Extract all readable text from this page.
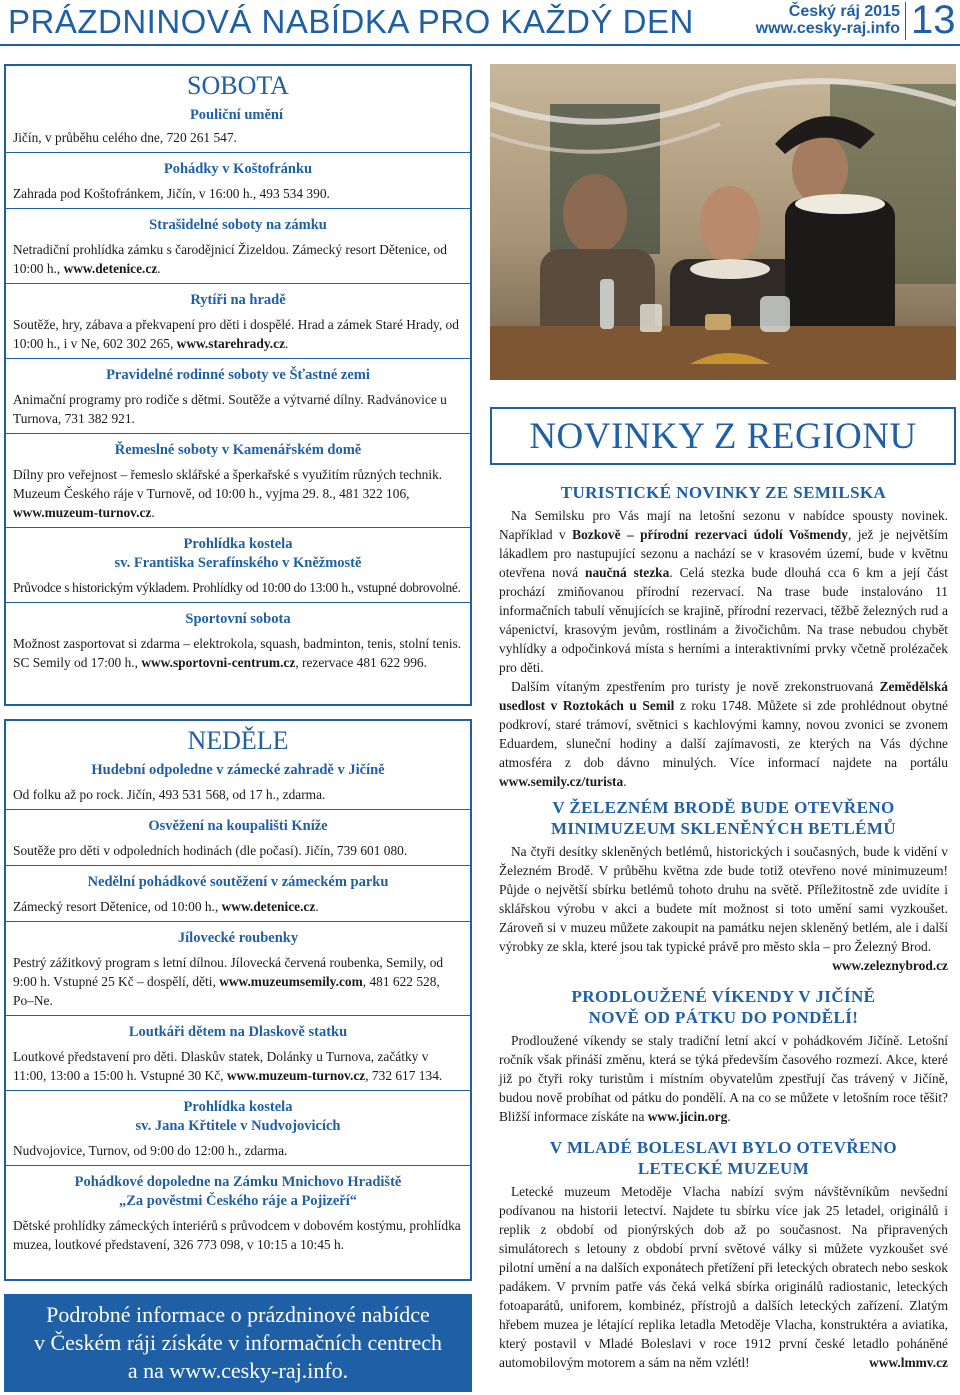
PRÁZDNINOVÁ NABÍDKA PRO KAŽDÝ DEN	Český ráj 2015
www.cesky-raj.info 13
SOBOTA
Pouliční umění
Jičín, v průběhu celého dne, 720 261 547.
Pohádky v Koštofránku
Zahrada pod Koštofránkem, Jičín, v 16:00 h., 493 534 390.
Strašidelné soboty na zámku
Netradiční prohlídka zámku s čarodějnicí Žizeldou. Zámecký resort Dětenice, od 10:00 h., www.detenice.cz.
Rytíři na hradě
Soutěže, hry, zábava a překvapení pro děti i dospělé. Hrad a zámek Staré Hrady, od 10:00 h., i v Ne, 602 302 265, www.starehrady.cz.
Pravidelné rodinné soboty ve Šťastné zemi
Animační programy pro rodiče s dětmi. Soutěže a výtvarné dílny. Radvánovice u Turnova, 731 382 921.
Řemeslné soboty v Kamenářském domě
Dílny pro veřejnost – řemeslo sklářské a šperkařské s využitím různých technik. Muzeum Českého ráje v Turnově, od 10:00 h., vyjma 29. 8., 481 322 106, www.muzeum-turnov.cz.
Prohlídka kostela
sv. Františka Serafínského v Kněžmostě
Průvodce s historickým výkladem. Prohlídky od 10:00 do 13:00 h., vstupné dobrovolné.
Sportovní sobota
Možnost zasportovat si zdarma – elektrokola, squash, badminton, tenis, stolní tenis. SC Semily od 17:00 h., www.sportovni-centrum.cz, rezervace 481 622 996.
NEDĚLE
Hudební odpoledne v zámecké zahradě v Jičíně
Od folku až po rock. Jičín, 493 531 568, od 17 h., zdarma.
Osvěžení na koupališti Kníže
Soutěže pro děti v odpoledních hodinách (dle počasí). Jičín, 739 601 080.
Nedělní pohádkové soutěžení v zámeckém parku
Zámecký resort Dětenice, od 10:00 h., www.detenice.cz.
Jílovecké roubenky
Pestrý zážitkový program s letní dílnou. Jílovecká červená roubenka, Semily, od 9:00 h. Vstupné 25 Kč – dospělí, děti, www.muzeumsemily.com, 481 622 528, Po–Ne.
Loutkáři dětem na Dlaskově statku
Loutkové představení pro děti. Dlaskův statek, Dolánky u Turnova, začátky v 11:00, 13:00 a 15:00 h. Vstupné 30 Kč, www.muzeum-turnov.cz, 732 617 134.
Prohlídka kostela
sv. Jana Křtitele v Nudvojovicích
Nudvojovice, Turnov, od 9:00 do 12:00 h., zdarma.
Pohádkové dopoledne na Zámku Mnichovo Hradiště
„Za pověstmi Českého ráje a Pojizeří“
Dětské prohlídky zámeckých interiérů s průvodcem v dobovém kostýmu, prohlídka muzea, loutkové představení, 326 773 098, v 10:15 a 10:45 h.
Podrobné informace o prázdninové nabídce
v Českém ráji získáte v informačních centrech
a na www.cesky-raj.info.
NOVINKY Z REGIONU
TURISTICKÉ NOVINKY ZE SEMILSKA

Na Semilsku pro Vás mají na letošní sezonu v nabídce spousty novinek. Například v Bozkově – přírodní rezervaci údolí Vošmendy, jež je největším lákadlem pro nastupující sezonu a nachází se v krasovém území, bude v květnu otevřena nová naučná stezka. Celá stezka bude dlouhá cca 6 km a její část prochází zmiňovanou přírodní rezervací. Na trase bude instalováno 11 informačních tabulí věnujících se krajině, přírodní rezervaci, těžbě železných rud a vápenictví, krasovým jevům, rostlinám a živočichům. Na trase nebudou chybět vyhlídky a odpočinková místa s herními a interaktivními prvky včetně prolézaček pro děti.

Dalším vítaným zpestřením pro turisty je nově zrekonstruovaná Zemědělská usedlost v Roztokách u Semil z roku 1748. Můžete si zde prohlédnout obytné podkroví, staré trámoví, světnici s kachlovými kamny, novou zvonici se zvonem Eduardem, sluneční hodiny a další zajímavosti, ze kterých na Vás dýchne atmosféra z dob dávno minulých. Více informací najdete na portálu www.semily.cz/turista.

V ŽELEZNÉM BRODĚ BUDE OTEVŘENO
MINIMUZEUM SKLENĚNÝCH BETLÉMŮ

Na čtyři desítky skleněných betlémů, historických i současných, bude k vidění v Železném Brodě. V průběhu května zde bude totiž otevřeno nové minimuzeum! Půjde o největší sbírku betlémů tohoto druhu na světě. Příležitostně zde uvidíte i sklářskou výrobu v akci a budete mít možnost si toto umění sami vyzkoušet. Zároveň si v muzeu můžete zakoupit na památku nejen skleněný betlém, ale i další výrobky ze skla, které jsou tak typické právě pro město skla – pro Železný Brod.
www.zeleznybrod.cz

PRODLOUŽENÉ VÍKENDY V JIČÍNĚ
NOVĚ OD PÁTKU DO PONDĚLÍ!

Prodloužené víkendy se staly tradiční letní akcí v pohádkovém Jičíně. Letošní ročník však přináší změnu, která se týká především časového rozmezí. Akce, které již po čtyři roky turistům i místním obyvatelům zpestřují čas trávený v Jičíně, budou nově probíhat od pátku do pondělí. A na co se můžete v letošním roce těšit? Bližší informace získáte na www.jicin.org.

V MLADÉ BOLESLAVI BYLO OTEVŘENO
LETECKÉ MUZEUM

Letecké muzeum Metoděje Vlacha nabízí svým návštěvníkům nevšední podívanou na historii letectví. Najdete tu sbírku více jak 25 letadel, originálů i replik z období od pionýrských dob až po současnost. Na připravených simulátorech s letouny z období první světové války si můžete vyzkoušet své pilotní umění a na dalších exponátech přetížení při leteckých obratech nebo seskok padákem. V prvním patře vás čeká velká sbírka originálů radiostanic, leteckých fotoaparátů, uniforem, kombinéz, přístrojů a dalších leteckých zařízení. Zlatým hřebem muzea je létající replika letadla Metoděje Vlacha, konstruktéra a aviatika, který postavil v Mladé Boleslavi v roce 1912 první české letadlo poháněné automobilovým motorem a sám na něm vzlétl!	www.lmmv.cz
